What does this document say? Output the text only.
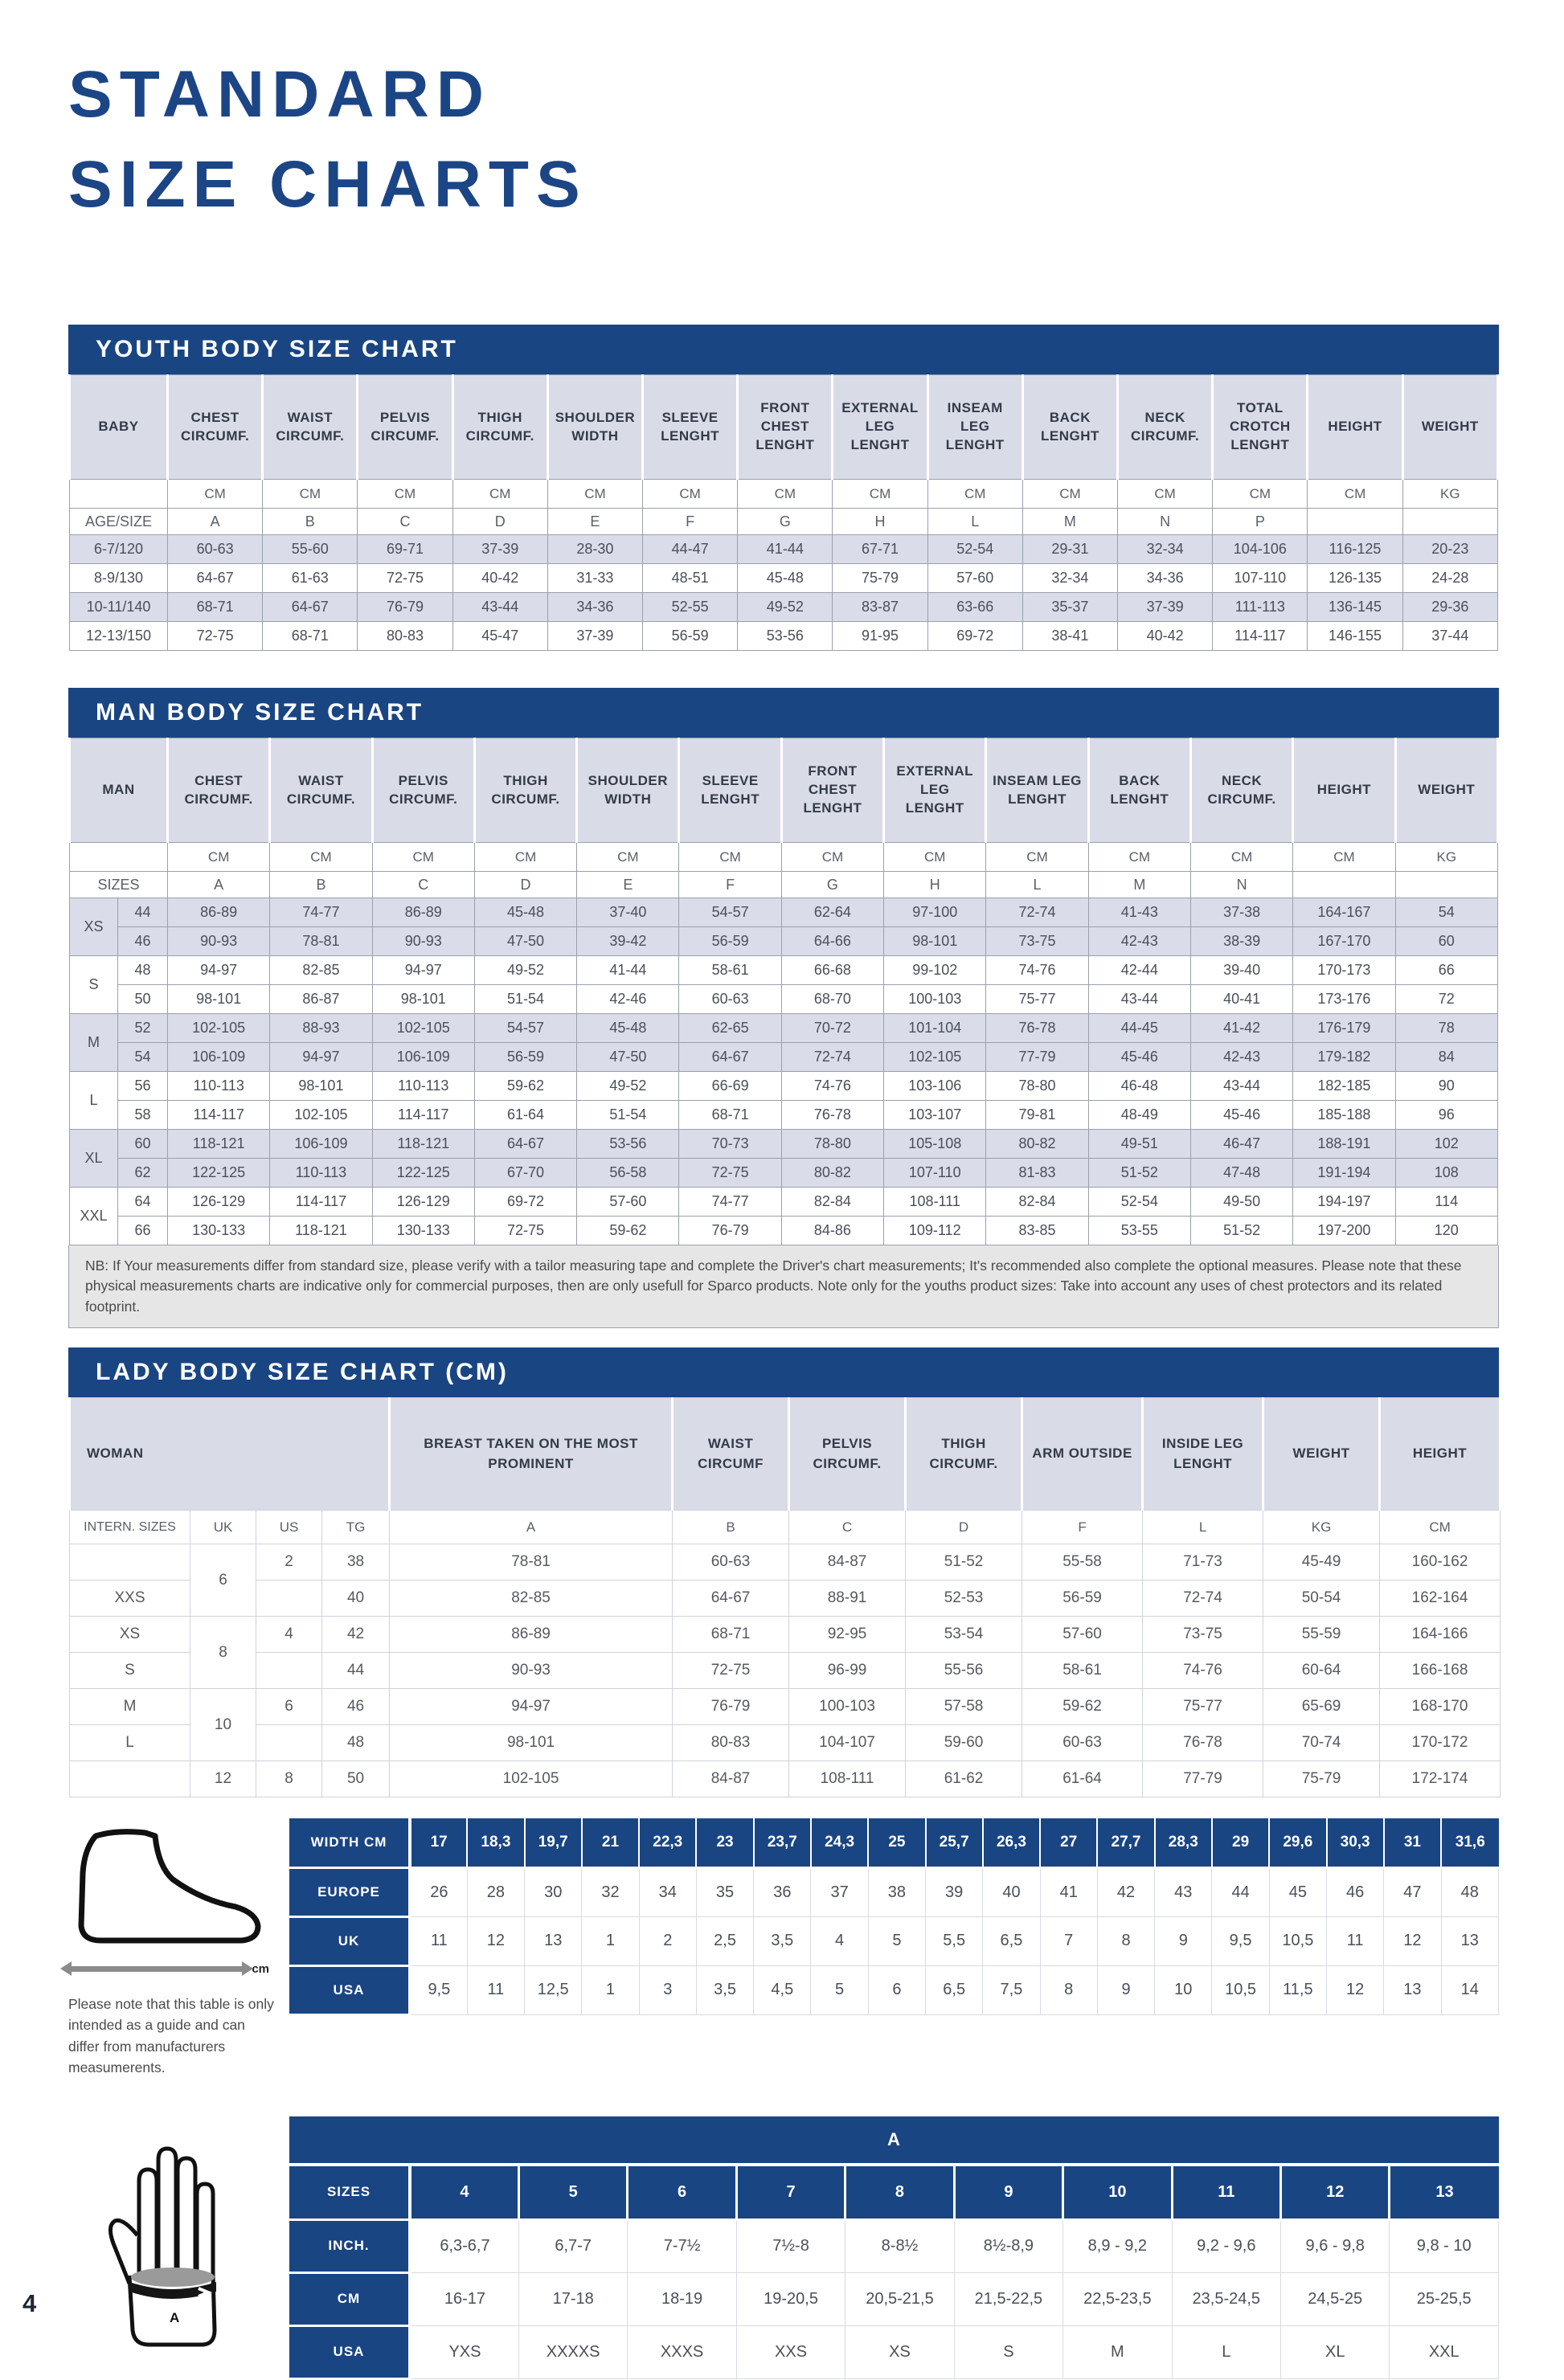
STANDARD
SIZE CHARTS
YOUTH BODY SIZE CHART
BABY	CHEST CIRCUMF.	WAIST CIRCUMF.	PELVIS CIRCUMF.	THIGH CIRCUMF.	SHOULDER WIDTH	SLEEVE LENGHT	FRONT CHEST LENGHT	EXTERNAL LEG LENGHT	INSEAM LEG LENGHT	BACK LENGHT	NECK CIRCUMF.	TOTAL CROTCH LENGHT	HEIGHT	WEIGHT
	CM	CM	CM	CM	CM	CM	CM	CM	CM	CM	CM	CM	CM	KG
AGE/SIZE	A	B	C	D	E	F	G	H	L	M	N	P		
6-7/120	60-63	55-60	69-71	37-39	28-30	44-47	41-44	67-71	52-54	29-31	32-34	104-106	116-125	20-23
8-9/130	64-67	61-63	72-75	40-42	31-33	48-51	45-48	75-79	57-60	32-34	34-36	107-110	126-135	24-28
10-11/140	68-71	64-67	76-79	43-44	34-36	52-55	49-52	83-87	63-66	35-37	37-39	111-113	136-145	29-36
12-13/150	72-75	68-71	80-83	45-47	37-39	56-59	53-56	91-95	69-72	38-41	40-42	114-117	146-155	37-44
MAN BODY SIZE CHART
MAN		CHEST CIRCUMF.	WAIST CIRCUMF.	PELVIS CIRCUMF.	THIGH CIRCUMF.	SHOULDER WIDTH	SLEEVE LENGHT	FRONT CHEST LENGHT	EXTERNAL LEG LENGHT	INSEAM LEG LENGHT	BACK LENGHT	NECK CIRCUMF.	HEIGHT	WEIGHT
		CM	CM	CM	CM	CM	CM	CM	CM	CM	CM	CM	CM	KG
SIZES		A	B	C	D	E	F	G	H	L	M	N		
XS	44	86-89	74-77	86-89	45-48	37-40	54-57	62-64	97-100	72-74	41-43	37-38	164-167	54
	46	90-93	78-81	90-93	47-50	39-42	56-59	64-66	98-101	73-75	42-43	38-39	167-170	60
S	48	94-97	82-85	94-97	49-52	41-44	58-61	66-68	99-102	74-76	42-44	39-40	170-173	66
	50	98-101	86-87	98-101	51-54	42-46	60-63	68-70	100-103	75-77	43-44	40-41	173-176	72
M	52	102-105	88-93	102-105	54-57	45-48	62-65	70-72	101-104	76-78	44-45	41-42	176-179	78
	54	106-109	94-97	106-109	56-59	47-50	64-67	72-74	102-105	77-79	45-46	42-43	179-182	84
L	56	110-113	98-101	110-113	59-62	49-52	66-69	74-76	103-106	78-80	46-48	43-44	182-185	90
	58	114-117	102-105	114-117	61-64	51-54	68-71	76-78	103-107	79-81	48-49	45-46	185-188	96
XL	60	118-121	106-109	118-121	64-67	53-56	70-73	78-80	105-108	80-82	49-51	46-47	188-191	102
	62	122-125	110-113	122-125	67-70	56-58	72-75	80-82	107-110	81-83	51-52	47-48	191-194	108
XXL	64	126-129	114-117	126-129	69-72	57-60	74-77	82-84	108-111	82-84	52-54	49-50	194-197	114
	66	130-133	118-121	130-133	72-75	59-62	76-79	84-86	109-112	83-85	53-55	51-52	197-200	120
NB: If Your measurements differ from standard size, please verify with a tailor measuring tape and complete the Driver's chart measurements; It's recommended also complete the optional measures. Please note that these physical measurements charts are indicative only for commercial purposes, then are only usefull for Sparco products. Note only for the youths product sizes: Take into account any uses of chest protectors and its related footprint.
LADY BODY SIZE CHART (CM)
WOMAN				BREAST TAKEN ON THE MOST PROMINENT	WAIST CIRCUMF	PELVIS CIRCUMF.	THIGH CIRCUMF.	ARM OUTSIDE	INSIDE LEG LENGHT	WEIGHT	HEIGHT
INTERN. SIZES	UK	US	TG	A	B	C	D	F	L	KG	CM
	6	2	38	78-81	60-63	84-87	51-52	55-58	71-73	45-49	160-162
XXS			40	82-85	64-67	88-91	52-53	56-59	72-74	50-54	162-164
XS	8	4	42	86-89	68-71	92-95	53-54	57-60	73-75	55-59	164-166
S			44	90-93	72-75	96-99	55-56	58-61	74-76	60-64	166-168
M	10	6	46	94-97	76-79	100-103	57-58	59-62	75-77	65-69	168-170
L			48	98-101	80-83	104-107	59-60	60-63	76-78	70-74	170-172
	12	8	50	102-105	84-87	108-111	61-62	61-64	77-79	75-79	172-174
cm
Please note that this table is only intended as a guide and can differ from manufacturers measumerents.
WIDTH CM	17	18,3	19,7	21	22,3	23	23,7	24,3	25	25,7	26,3	27	27,7	28,3	29	29,6	30,3	31	31,6
EUROPE	26	28	30	32	34	35	36	37	38	39	40	41	42	43	44	45	46	47	48
UK	11	12	13	1	2	2,5	3,5	4	5	5,5	6,5	7	8	9	9,5	10,5	11	12	13
USA	9,5	11	12,5	1	3	3,5	4,5	5	6	6,5	7,5	8	9	10	10,5	11,5	12	13	14
A
A
SIZES	4	5	6	7	8	9	10	11	12	13
INCH.	6,3-6,7	6,7-7	7-7½	7½-8	8-8½	8½-8,9	8,9 - 9,2	9,2 - 9,6	9,6 - 9,8	9,8 - 10
CM	16-17	17-18	18-19	19-20,5	20,5-21,5	21,5-22,5	22,5-23,5	23,5-24,5	24,5-25	25-25,5
USA	YXS	XXXXS	XXXS	XXS	XS	S	M	L	XL	XXL
4
